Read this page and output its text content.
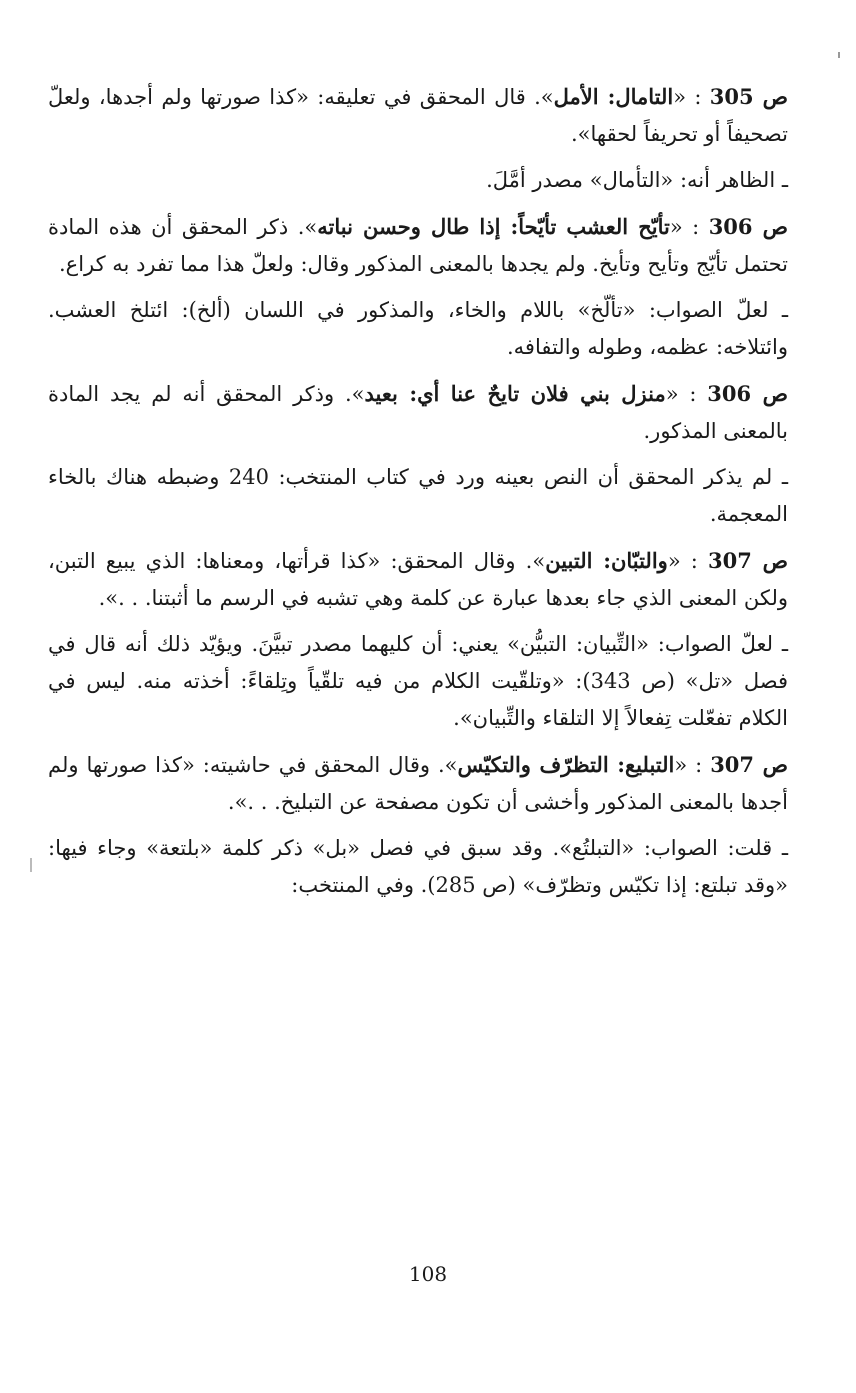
ص 305 : «التامال: الأمل». قال المحقق في تعليقه: «كذا صورتها ولم أجدها، ولعلّ تصحيفاً أو تحريفاً لحقها».

ـ الظاهر أنه: «التأمال» مصدر أمَّلَ.

ص 306 : «تأيّح العشب تأيّحاً: إذا طال وحسن نباته». ذكر المحقق أن هذه المادة تحتمل تأيّج وتأيح وتأيخ. ولم يجدها بالمعنى المذكور وقال: ولعلّ هذا مما تفرد به كراع.

ـ لعلّ الصواب: «تألّخ» باللام والخاء، والمذكور في اللسان (ألخ): ائتلخ العشب. وائتلاخه: عظمه، وطوله والتفافه.

ص 306 : «منزل بني فلان تايحٌ عنا أي: بعيد». وذكر المحقق أنه لم يجد المادة بالمعنى المذكور.

ـ لم يذكر المحقق أن النص بعينه ورد في كتاب المنتخب: 240 وضبطه هناك بالخاء المعجمة.

ص 307 : «والتبّان: التبين». وقال المحقق: «كذا قرأتها، ومعناها: الذي يبيع التبن، ولكن المعنى الذي جاء بعدها عبارة عن كلمة وهي تشبه في الرسم ما أثبتنا. . .».

ـ لعلّ الصواب: «التِّبيان: التبيُّن» يعني: أن كليهما مصدر تبيَّنَ. ويؤيّد ذلك أنه قال في فصل «تل» (ص 343): «وتلقّيت الكلام من فيه تلقّياً وتِلقاءً: أخذته منه. ليس في الكلام تفعّلت تِفعالاً إلا التلقاء والتِّبيان».

ص 307 : «التبليع: التظرّف والتكيّس». وقال المحقق في حاشيته: «كذا صورتها ولم أجدها بالمعنى المذكور وأخشى أن تكون مصفحة عن التبليخ. . .».

ـ قلت: الصواب: «التبلتُع». وقد سبق في فصل «بل» ذكر كلمة «بلتعة» وجاء فيها: «وقد تبلتع: إذا تكيّس وتظرّف» (ص 285). وفي المنتخب:

108
